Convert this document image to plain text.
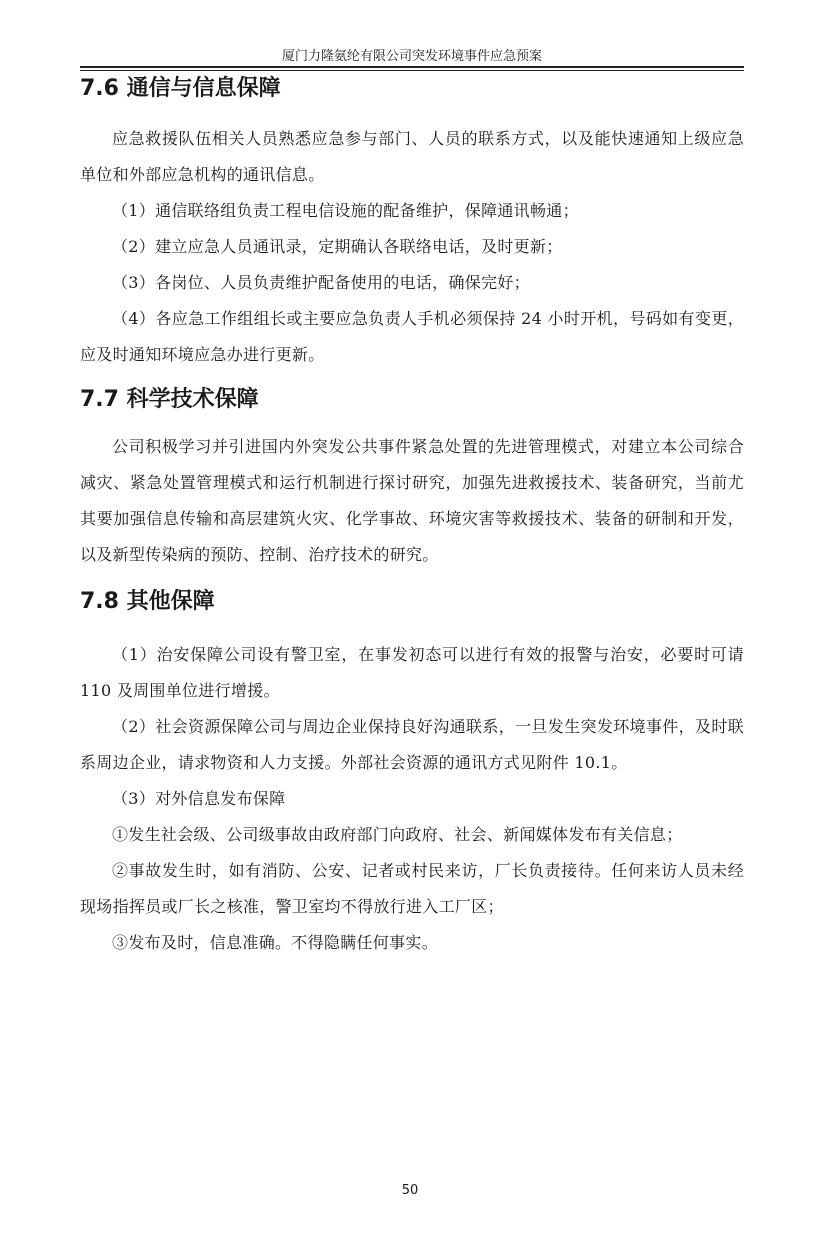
厦门力隆氨纶有限公司突发环境事件应急预案
7.6 通信与信息保障

应急救援队伍相关人员熟悉应急参与部门、人员的联系方式，以及能快速通知上级应急单位和外部应急机构的通讯信息。

（1）通信联络组负责工程电信设施的配备维护，保障通讯畅通；

（2）建立应急人员通讯录，定期确认各联络电话，及时更新；

（3）各岗位、人员负责维护配备使用的电话，确保完好；

（4）各应急工作组组长或主要应急负责人手机必须保持 24 小时开机，号码如有变更，应及时通知环境应急办进行更新。

7.7 科学技术保障

公司积极学习并引进国内外突发公共事件紧急处置的先进管理模式，对建立本公司综合减灾、紧急处置管理模式和运行机制进行探讨研究，加强先进救援技术、装备研究，当前尤其要加强信息传输和高层建筑火灾、化学事故、环境灾害等救援技术、装备的研制和开发，以及新型传染病的预防、控制、治疗技术的研究。

7.8 其他保障

（1）治安保障公司设有警卫室，在事发初态可以进行有效的报警与治安，必要时可请 110 及周围单位进行增援。

（2）社会资源保障公司与周边企业保持良好沟通联系，一旦发生突发环境事件，及时联系周边企业，请求物资和人力支援。外部社会资源的通讯方式见附件 10.1。

（3）对外信息发布保障

①发生社会级、公司级事故由政府部门向政府、社会、新闻媒体发布有关信息；

②事故发生时，如有消防、公安、记者或村民来访，厂长负责接待。任何来访人员未经现场指挥员或厂长之核准，警卫室均不得放行进入工厂区；

③发布及时，信息准确。不得隐瞒任何事实。

50
